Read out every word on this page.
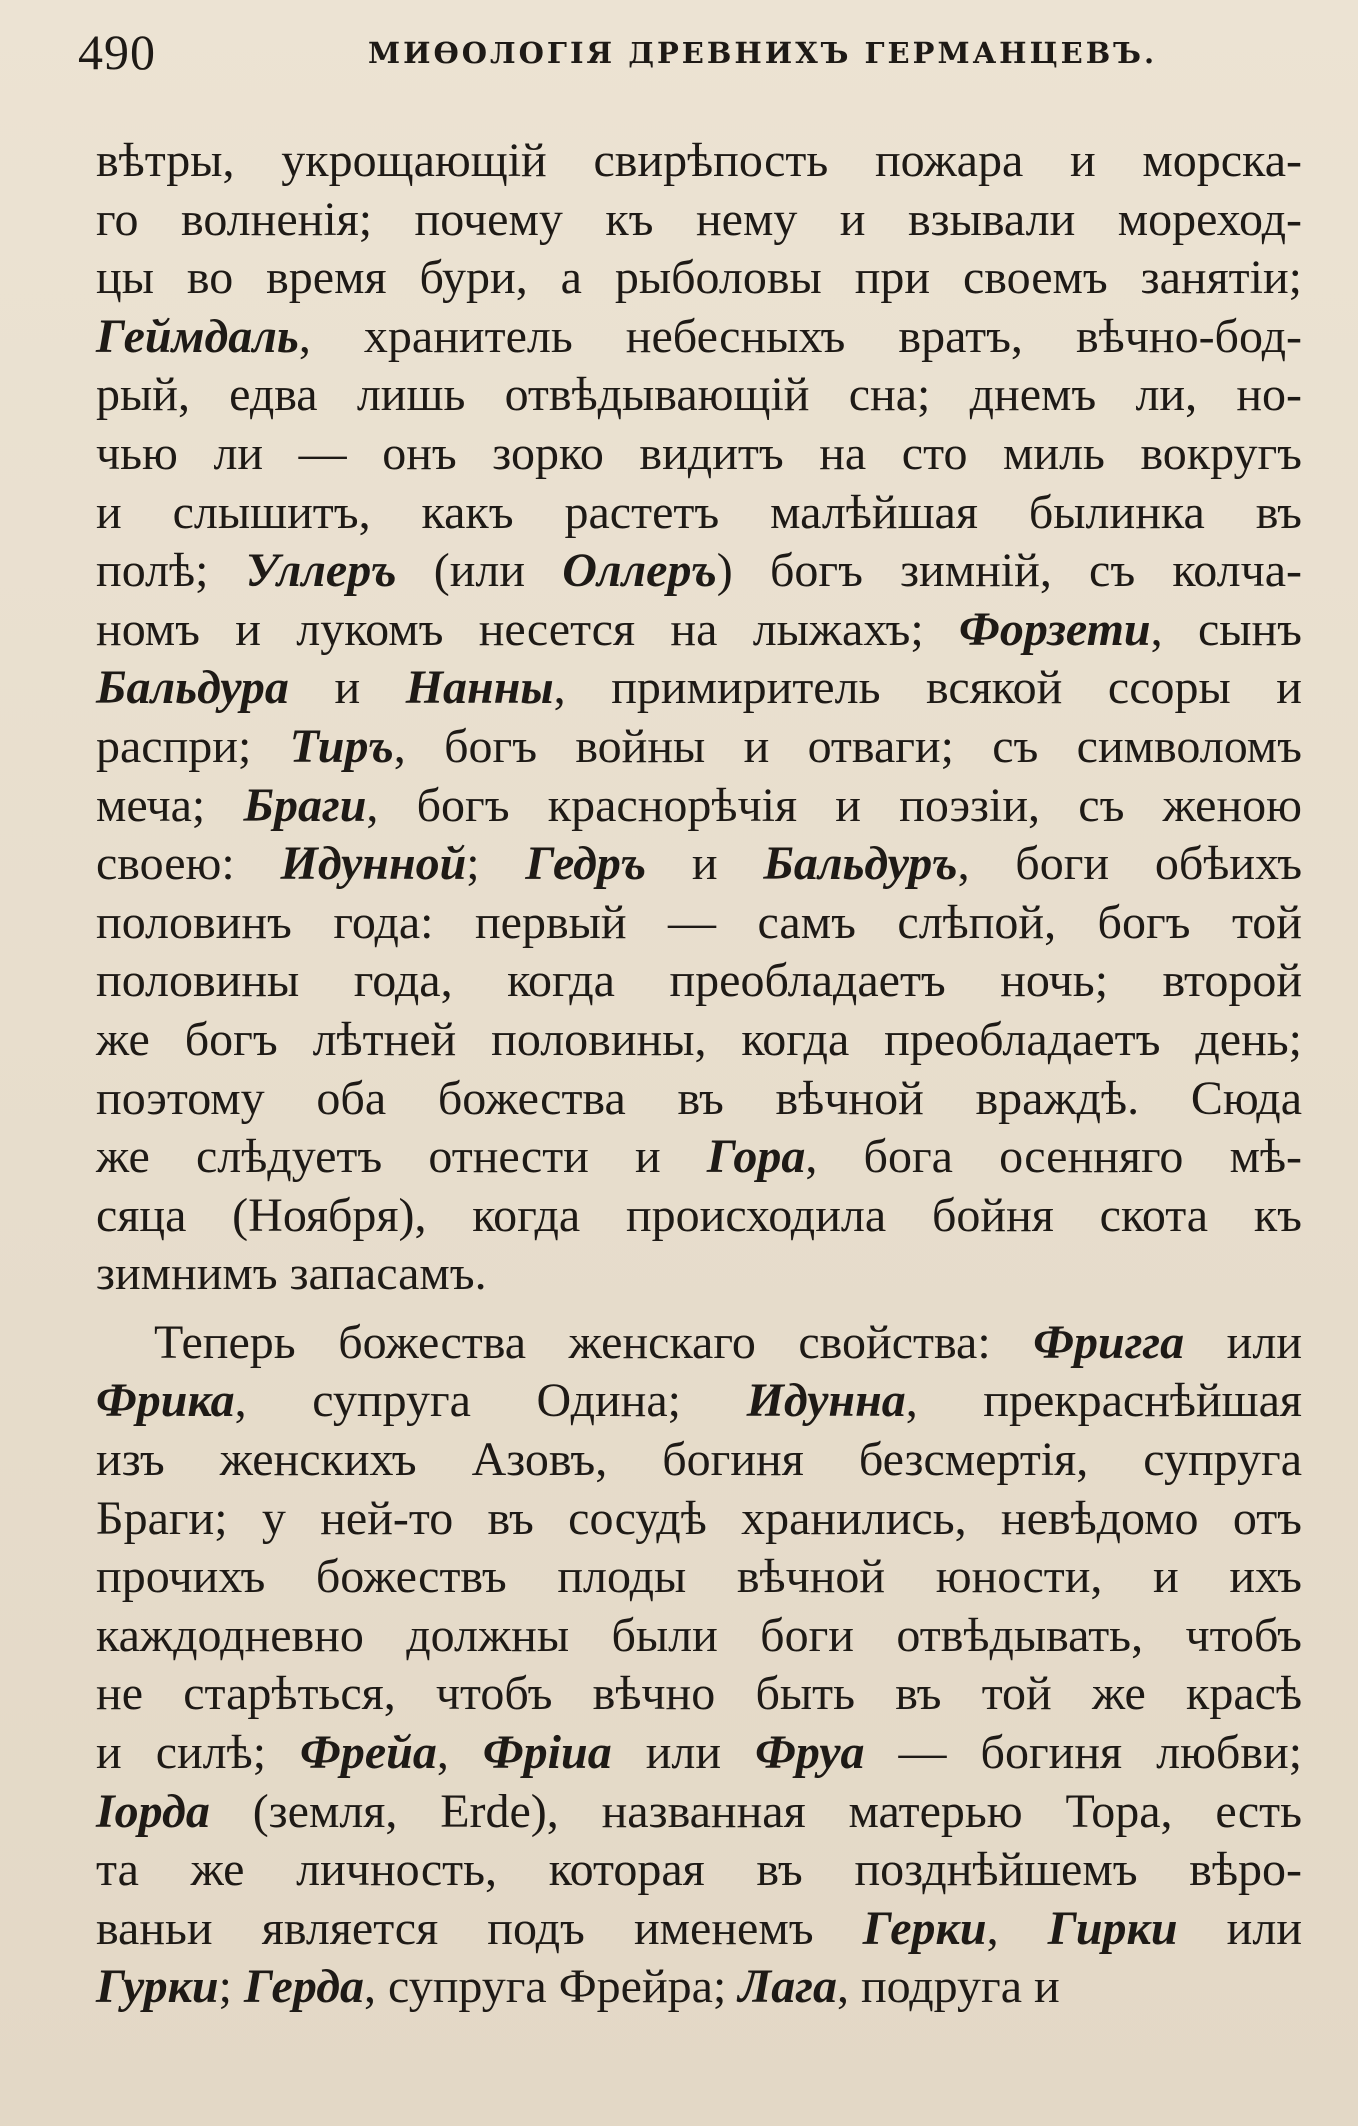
490	МИѲОЛОГІЯ ДРЕВНИХЪ ГЕРМАНЦЕВЪ.
вѣтры, укрощающій свирѣпость пожара и морска-
го волненія; почему къ нему и взывали мореход-
цы во время бури, а рыболовы при своемъ занятіи;
Геймдаль, хранитель небесныхъ вратъ, вѣчно-бод-
рый, едва лишь отвѣдывающій сна; днемъ ли, но-
чью ли — онъ зорко видитъ на сто миль вокругъ
и слышитъ, какъ растетъ малѣйшая былинка въ
полѣ; Уллеръ (или Оллеръ) богъ зимній, съ колча-
номъ и лукомъ несется на лыжахъ; Форзети, сынъ
Бальдура и Нанны, примиритель всякой ссоры и
распри; Тиръ, богъ войны и отваги; съ символомъ
меча; Браги, богъ краснорѣчія и поэзіи, съ женою
своею: Идунной; Гедръ и Бальдуръ, боги обѣихъ
половинъ года: первый — самъ слѣпой, богъ той
половины года, когда преобладаетъ ночь; второй
же богъ лѣтней половины, когда преобладаетъ день;
поэтому оба божества въ вѣчной враждѣ. Сюда
же слѣдуетъ отнести и Гора, бога осенняго мѣ-
сяца (Ноября), когда происходила бойня скота къ
зимнимъ запасамъ.
Теперь божества женскаго свойства: Фригга или
Фрика, супруга Одина; Идунна, прекраснѣйшая
изъ женскихъ Азовъ, богиня безсмертія, супруга
Браги; у ней-то въ сосудѣ хранились, невѣдомо отъ
прочихъ божествъ плоды вѣчной юности, и ихъ
каждодневно должны были боги отвѣдывать, чтобъ
не старѣться, чтобъ вѣчно быть въ той же красѣ
и силѣ; Фрейа, Фріиа или Фруа — богиня любви;
Іорда (земля, Erde), названная матерью Тора, есть
та же личность, которая въ позднѣйшемъ вѣро-
ваньи является подъ именемъ Герки, Гирки или
Гурки; Герда, супруга Фрейра; Лага, подруга и
